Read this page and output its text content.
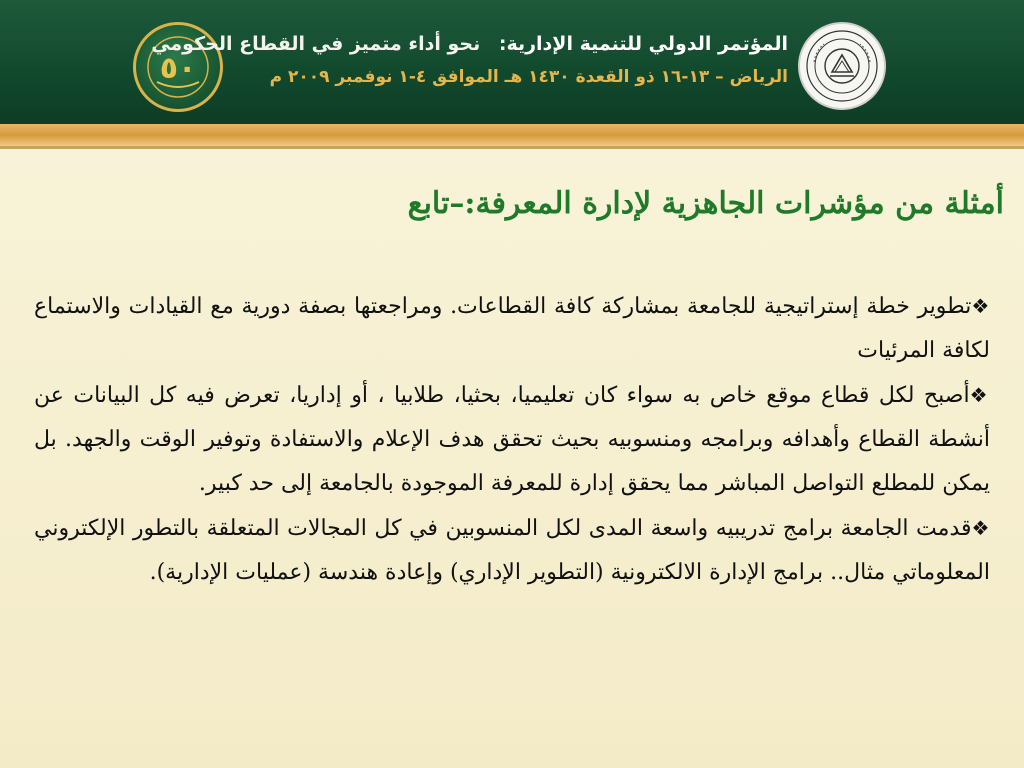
٥٠
المؤتمر الدولي للتنمية الإدارية: نحو أداء متميز في القطاع الحكومي
الرياض – ١٣-١٦ ذو القعدة ١٤٣٠ هـ الموافق ٤-١ نوفمبر ٢٠٠٩ م
أمثلة من مؤشرات الجاهزية لإدارة المعرفة:–تابع

❖تطوير خطة إستراتيجية للجامعة بمشاركة كافة القطاعات. ومراجعتها بصفة دورية مع القيادات والاستماع لكافة المرئيات

❖أصبح لكل قطاع موقع خاص به سواء كان تعليميا، بحثيا، طلابيا ، أو إداريا، تعرض فيه كل البيانات عن أنشطة القطاع وأهدافه وبرامجه ومنسوبيه بحيث تحقق هدف الإعلام والاستفادة وتوفير الوقت والجهد. بل يمكن للمطلع التواصل المباشر مما يحقق إدارة للمعرفة الموجودة بالجامعة إلى حد كبير.

❖قدمت الجامعة برامج تدريبيه واسعة المدى لكل المنسوبين في كل المجالات المتعلقة بالتطور الإلكتروني المعلوماتي مثال.. برامج الإدارة الالكترونية (التطوير الإداري) وإعادة هندسة (عمليات الإدارية).
